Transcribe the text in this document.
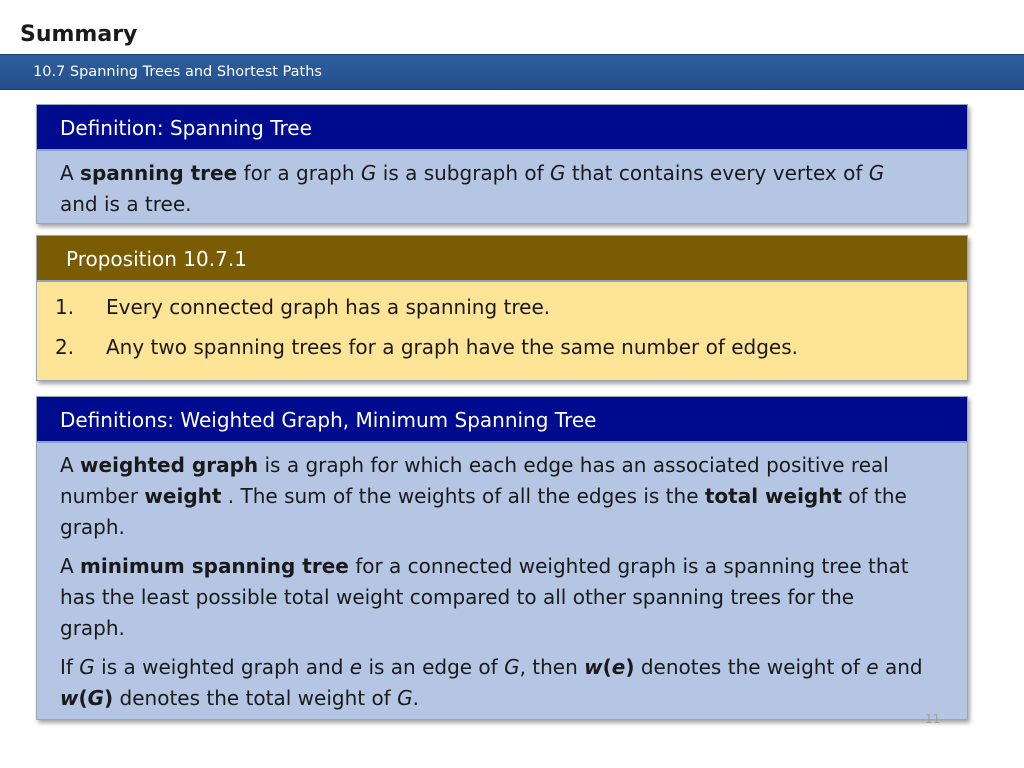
Summary
10.7 Spanning Trees and Shortest Paths
Definition: Spanning Tree
A spanning tree for a graph G is a subgraph of G that contains every vertex of G
and is a tree.
Proposition 10.7.1
1. Every connected graph has a spanning tree.
2. Any two spanning trees for a graph have the same number of edges.
Definitions: Weighted Graph, Minimum Spanning Tree

A weighted graph is a graph for which each edge has an associated positive real
number weight . The sum of the weights of all the edges is the total weight of the
graph.

A minimum spanning tree for a connected weighted graph is a spanning tree that
has the least possible total weight compared to all other spanning trees for the
graph.

If G is a weighted graph and e is an edge of G, then w(e) denotes the weight of e and
w(G) denotes the total weight of G.

11
